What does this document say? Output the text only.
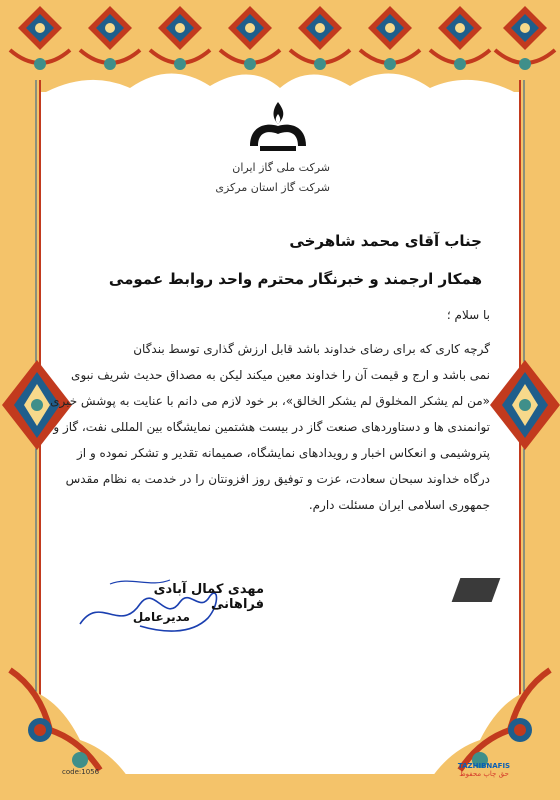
شرکت ملی گاز ایران
شرکت گاز استان مرکزی
جناب آقای محمد شاهرخی
همکار ارجمند و خبرنگار محترم واحد روابط عمومی
با سلام ؛

گرچه کاری که برای رضای خداوند باشد قابل ارزش گذاری توسط بندگان

نمی باشد و ارج و قیمت آن را خداوند معین میکند لیکن به مصداق حدیث شریف نبوی

«من لم یشکر المخلوق لم یشکر الخالق»، بر خود لازم می دانم با عنایت به پوشش خبری

توانمندی ها و دستاوردهای صنعت گاز در بیست هشتمین نمایشگاه بین المللی نفت، گاز و

پتروشیمی و انعکاس اخبار و رویدادهای نمایشگاه، صمیمانه تقدیر و تشکر نموده و از

درگاه خداوند سبحان سعادت، عزت و توفیق روز افزونتان را در خدمت به نظام مقدس

جمهوری اسلامی ایران مسئلت دارم.

مهدی کمال آبادی فراهانی
مدیرعامل
code:1056
TAZHIBNAFIS
حق چاپ محفوظ
